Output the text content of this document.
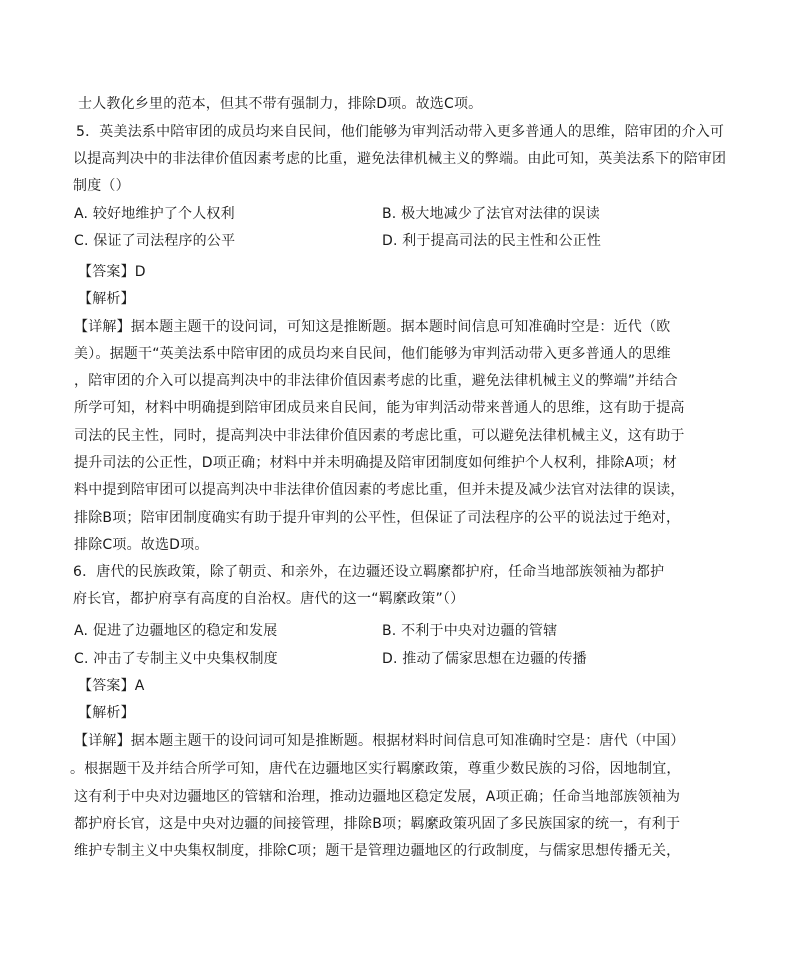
士人教化乡里的范本，但其不带有强制力，排除D项。故选C项。
5．英美法系中陪审团的成员均来自民间，他们能够为审判活动带入更多普通人的思维，陪审团的介入可
以提高判决中的非法律价值因素考虑的比重，避免法律机械主义的弊端。由此可知，英美法系下的陪审团
制度（）
A. 较好地维护了个人权利	B. 极大地减少了法官对法律的误读
C. 保证了司法程序的公平	D. 利于提高司法的民主性和公正性
【答案】D
【解析】
【详解】据本题主题干的设问词，可知这是推断题。据本题时间信息可知准确时空是：近代（欧
美）。据题干“英美法系中陪审团的成员均来自民间，他们能够为审判活动带入更多普通人的思维
，陪审团的介入可以提高判决中的非法律价值因素考虑的比重，避免法律机械主义的弊端”并结合
所学可知，材料中明确提到陪审团成员来自民间，能为审判活动带来普通人的思维，这有助于提高
司法的民主性，同时，提高判决中非法律价值因素的考虑比重，可以避免法律机械主义，这有助于
提升司法的公正性，D项正确；材料中并未明确提及陪审团制度如何维护个人权利，排除A项；材
料中提到陪审团可以提高判决中非法律价值因素的考虑比重，但并未提及减少法官对法律的误读，
排除B项；陪审团制度确实有助于提升审判的公平性，但保证了司法程序的公平的说法过于绝对，
排除C项。故选D项。
6．唐代的民族政策，除了朝贡、和亲外，在边疆还设立羁縻都护府，任命当地部族领袖为都护
府长官，都护府享有高度的自治权。唐代的这一“羁縻政策”（）
A. 促进了边疆地区的稳定和发展	B. 不利于中央对边疆的管辖
C. 冲击了专制主义中央集权制度	D. 推动了儒家思想在边疆的传播
【答案】A
【解析】
【详解】据本题主题干的设问词可知是推断题。根据材料时间信息可知准确时空是：唐代（中国）
。根据题干及并结合所学可知，唐代在边疆地区实行羁縻政策，尊重少数民族的习俗，因地制宜，
这有利于中央对边疆地区的管辖和治理，推动边疆地区稳定发展，A项正确；任命当地部族领袖为
都护府长官，这是中央对边疆的间接管理，排除B项；羁縻政策巩固了多民族国家的统一，有利于
维护专制主义中央集权制度，排除C项；题干是管理边疆地区的行政制度，与儒家思想传播无关，
